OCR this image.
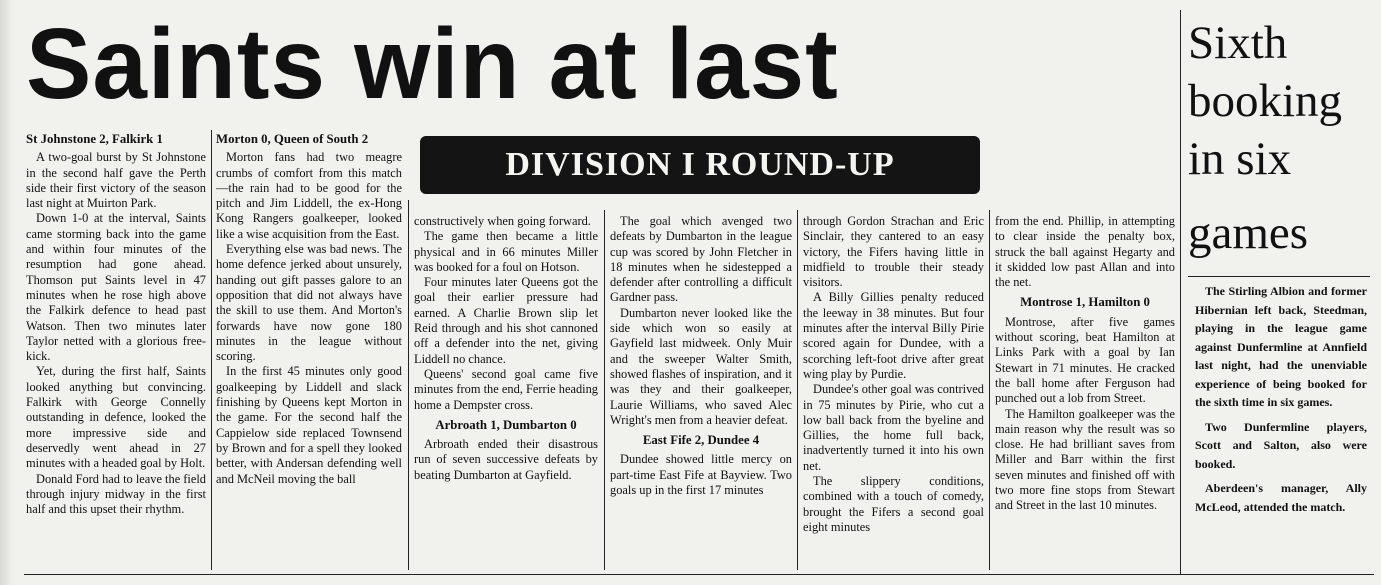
Saints win at last
DIVISION I ROUND-UP

St Johnstone 2, Falkirk 1

A two-goal burst by St Johnstone in the second half gave the Perth side their first victory of the season last night at Muirton Park.

Down 1-0 at the interval, Saints came storming back into the game and within four minutes of the resumption had gone ahead. Thomson put Saints level in 47 minutes when he rose high above the Falkirk defence to head past Watson. Then two minutes later Taylor netted with a glorious free-kick.

Yet, during the first half, Saints looked anything but convincing. Falkirk with George Connelly outstanding in defence, looked the more impressive side and deservedly went ahead in 27 minutes with a headed goal by Holt.

Donald Ford had to leave the field through injury midway in the first half and this upset their rhythm.

Morton 0, Queen of South 2

Morton fans had two meagre crumbs of comfort from this match—the rain had to be good for the pitch and Jim Liddell, the ex-Hong Kong Rangers goalkeeper, looked like a wise acquisition from the East.

Everything else was bad news. The home defence jerked about unsurely, handing out gift passes galore to an opposition that did not always have the skill to use them. And Morton's forwards have now gone 180 minutes in the league without scoring.

In the first 45 minutes only good goalkeeping by Liddell and slack finishing by Queens kept Morton in the game. For the second half the Cappielow side replaced Townsend by Brown and for a spell they looked better, with Andersan defending well and McNeil moving the ball

constructively when going forward.

The game then became a little physical and in 66 minutes Miller was booked for a foul on Hotson.

Four minutes later Queens got the goal their earlier pressure had earned. A Charlie Brown slip let Reid through and his shot cannoned off a defender into the net, giving Liddell no chance.

Queens' second goal came five minutes from the end, Ferrie heading home a Dempster cross.

Arbroath 1, Dumbarton 0

Arbroath ended their disastrous run of seven successive defeats by beating Dumbarton at Gayfield.

The goal which avenged two defeats by Dumbarton in the league cup was scored by John Fletcher in 18 minutes when he sidestepped a defender after controlling a difficult Gardner pass.

Dumbarton never looked like the side which won so easily at Gayfield last midweek. Only Muir and the sweeper Walter Smith, showed flashes of inspiration, and it was they and their goalkeeper, Laurie Williams, who saved Alec Wright's men from a heavier defeat.

East Fife 2, Dundee 4

Dundee showed little mercy on part-time East Fife at Bayview. Two goals up in the first 17 minutes

through Gordon Strachan and Eric Sinclair, they cantered to an easy victory, the Fifers having little in midfield to trouble their steady visitors.

A Billy Gillies penalty reduced the leeway in 38 minutes. But four minutes after the interval Billy Pirie scored again for Dundee, with a scorching left-foot drive after great wing play by Purdie.

Dundee's other goal was contrived in 75 minutes by Pirie, who cut a low ball back from the byeline and Gillies, the home full back, inadvertently turned it into his own net.

The slippery conditions, combined with a touch of comedy, brought the Fifers a second goal eight minutes

from the end. Phillip, in attempting to clear inside the penalty box, struck the ball against Hegarty and it skidded low past Allan and into the net.

Montrose 1, Hamilton 0

Montrose, after five games without scoring, beat Hamilton at Links Park with a goal by Ian Stewart in 71 minutes. He cracked the ball home after Ferguson had punched out a lob from Street.

The Hamilton goalkeeper was the main reason why the result was so close. He had brilliant saves from Miller and Barr within the first seven minutes and finished off with two more fine stops from Stewart and Street in the last 10 minutes.

Sixth
booking
in six
games

The Stirling Albion and former Hibernian left back, Steedman, playing in the league game against Dunfermline at Annfield last night, had the unenviable experience of being booked for the sixth time in six games.

Two Dunfermline players, Scott and Salton, also were booked.

Aberdeen's manager, Ally McLeod, attended the match.
